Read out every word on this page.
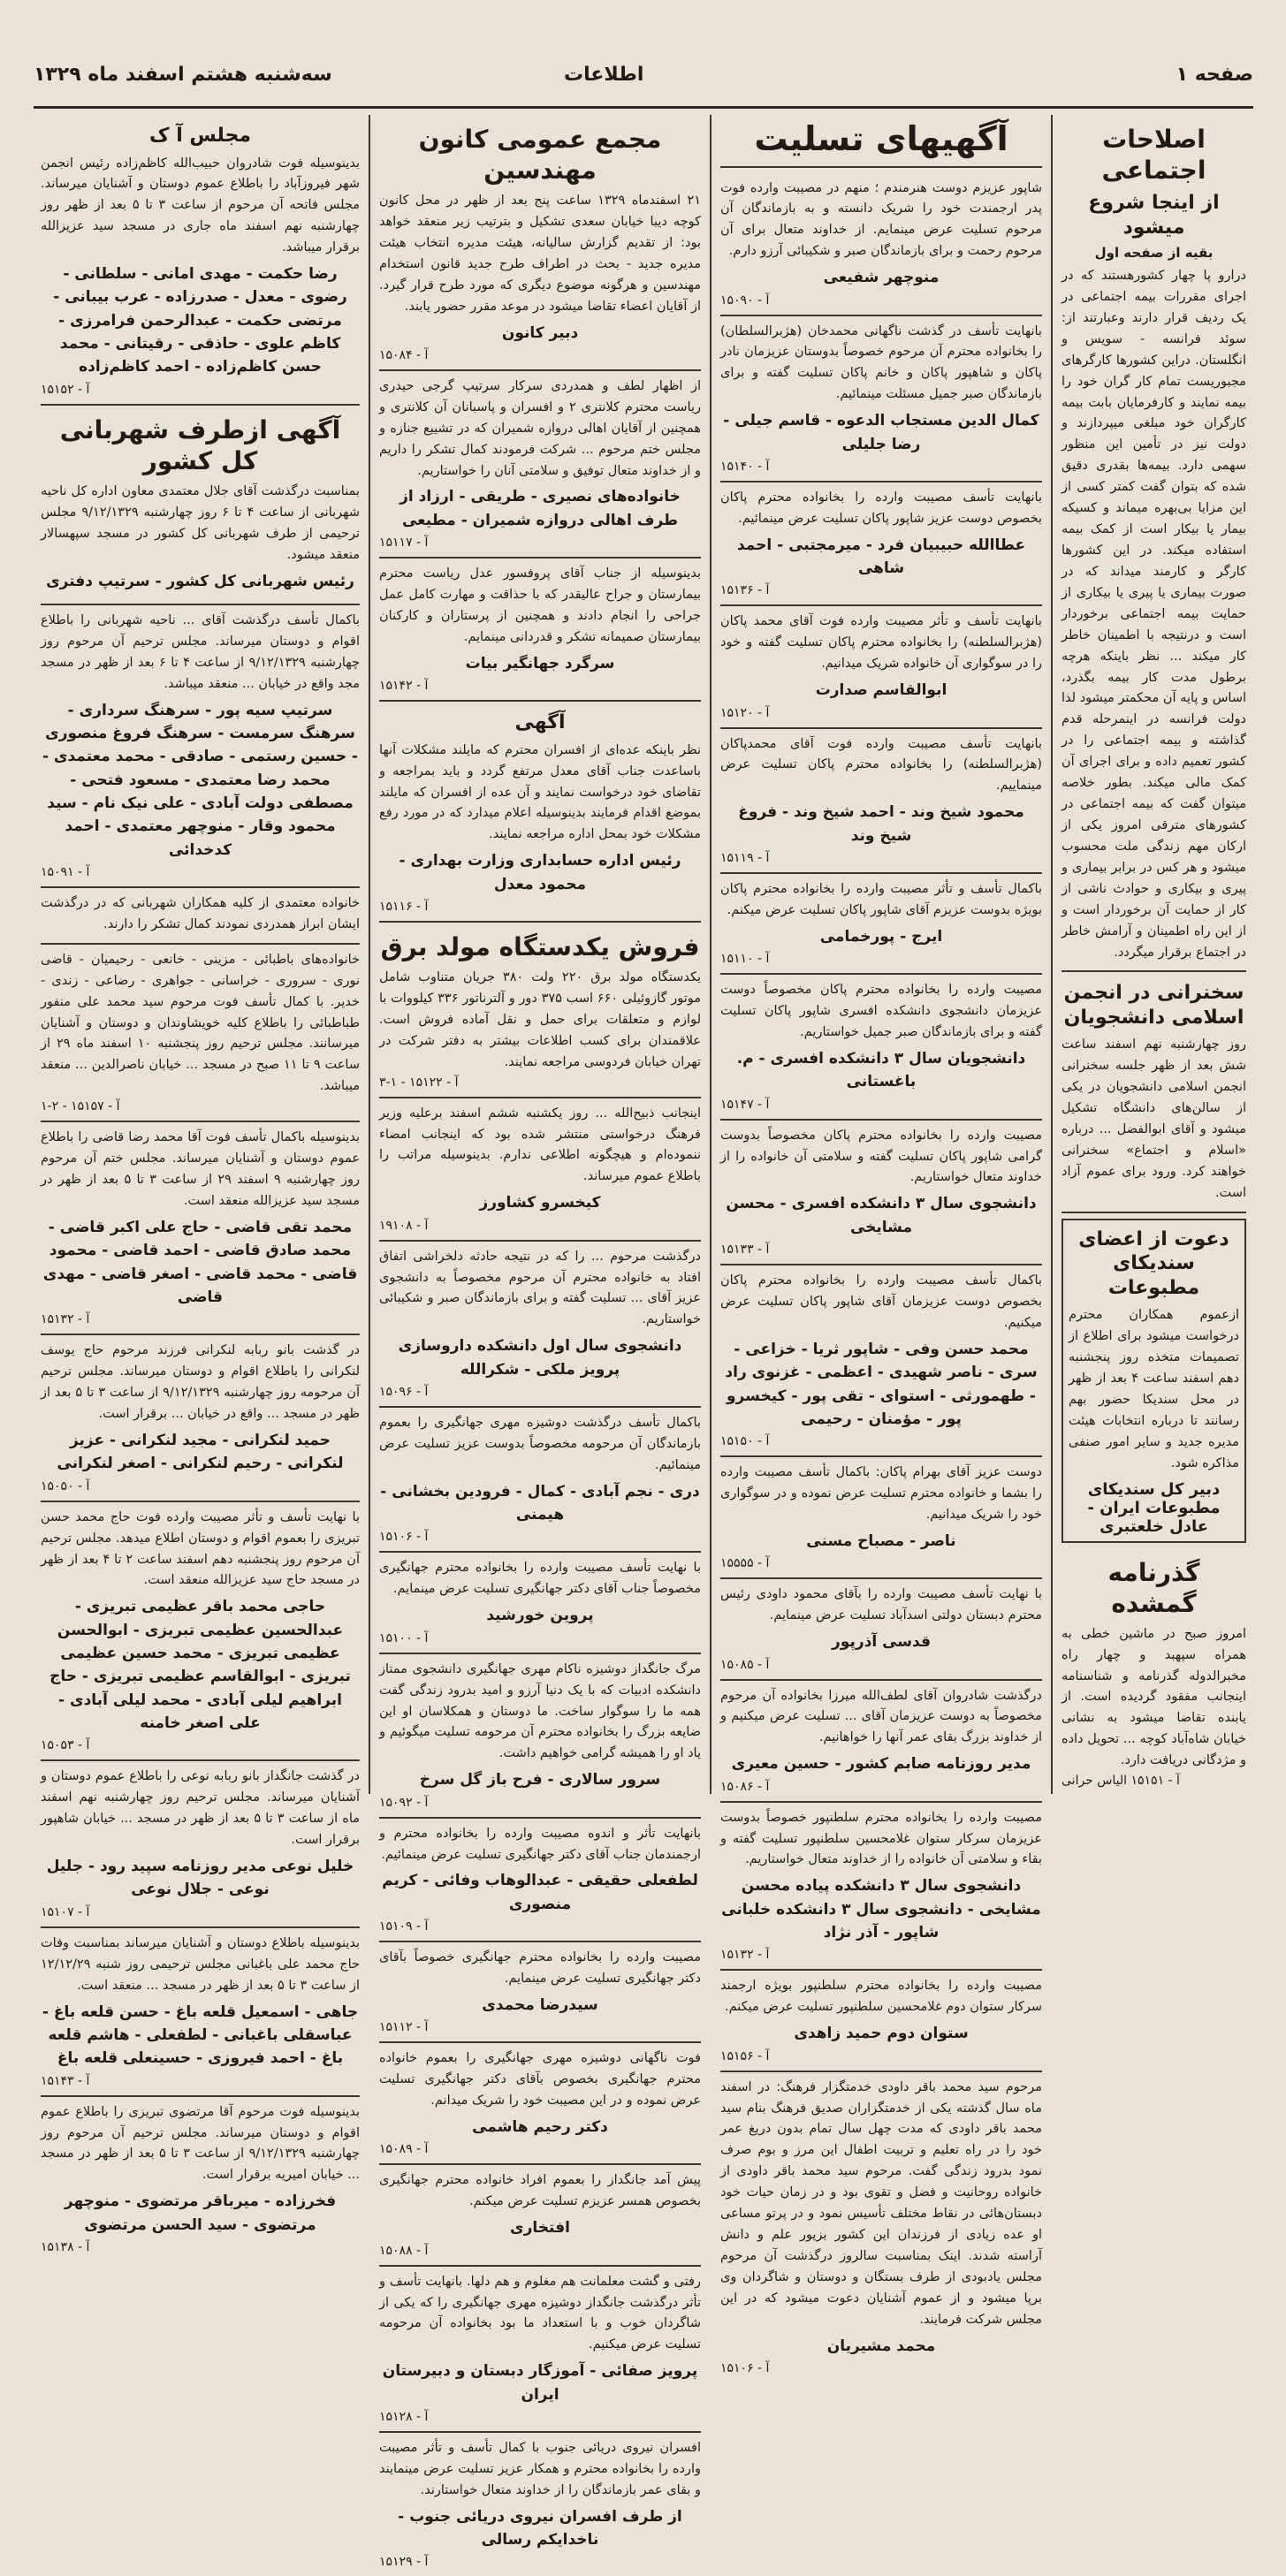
صفحه ۱
اطلاعات
سه‌شنبه هشتم اسفند ماه ۱۳۲۹
اصلاحات اجتماعی
از اینجا شروع میشود
بقیه از صفحه اول

درارو پا چهار کشورهستند که در اجرای مقررات بیمه اجتماعی در یک ردیف قرار دارند وعبارتند از: سوئد فرانسه - سویس و انگلستان. دراین کشورها کارگرهای مجبوریست تمام کار گران خود را بیمه نمایند و کارفرمایان بابت بیمه کارگران خود مبلغی میپردازند و دولت نیز در تأمین این منظور سهمی دارد. بیمه‌ها بقدری دقیق شده که بتوان گفت کمتر کسی از این مزایا بی‌بهره میماند و کسیکه بیمار یا بیکار است از کمک بیمه استفاده میکند. در این کشورها کارگر و کارمند میداند که در صورت بیماری یا پیری یا بیکاری از حمایت بیمه اجتماعی برخوردار است و درنتیجه با اطمینان خاطر کار میکند ... نظر باینکه هرچه برطول مدت کار بیمه بگذرد، اساس و پایه آن محکمتر میشود لذا دولت فرانسه در اینمرحله قدم گذاشته و بیمه اجتماعی را در کشور تعمیم داده و برای اجرای آن کمک مالی میکند. بطور خلاصه میتوان گفت که بیمه اجتماعی در کشورهای مترقی امروز یکی از ارکان مهم زندگی ملت محسوب میشود و هر کس در برابر بیماری و پیری و بیکاری و حوادث ناشی از کار از حمایت آن برخوردار است و از این راه اطمینان و آرامش خاطر در اجتماع برقرار میگردد.

سخنرانی در انجمن اسلامی دانشجویان

روز چهارشنبه نهم اسفند ساعت شش بعد از ظهر جلسه سخنرانی انجمن اسلامی دانشجویان در یکی از سالن‌های دانشگاه تشکیل میشود و آقای ابوالفضل ... درباره «اسلام و اجتماع» سخنرانی خواهند کرد. ورود برای عموم آزاد است.

دعوت از اعضای سندیکای مطبوعات

ازعموم همکاران محترم درخواست میشود برای اطلاع از تصمیمات متخذه روز پنجشنبه دهم اسفند ساعت ۴ بعد از ظهر در محل سندیکا حضور بهم رسانند تا درباره انتخابات هیئت مدیره جدید و سایر امور صنفی مذاکره شود.

دبیر کل سندیکای مطبوعات ایران - عادل خلعتبری
گذرنامه گمشده

امروز صبح در ماشین خطی به همراه سپهبد و چهار راه مخبرالدوله گذرنامه و شناسنامه اینجانب مفقود گردیده است. از یابنده تقاضا میشود به نشانی خیابان شاه‌آباد کوچه ... تحویل داده و مژدگانی دریافت دارد.

آ - ۱۵۱۵۱ الیاس حرانی
آگهیهای تسلیت

شاپور عزیزم دوست هنرمندم ؛ منهم در مصیبت وارده فوت پدر ارجمندت خود را شریک دانسته و به بازماندگان آن مرحوم تسلیت عرض مینمایم. از خداوند متعال برای آن مرحوم رحمت و برای بازماندگان صبر و شکیبائی آرزو دارم.

منوچهر شفیعی
آ - ۱۵۰۹۰

بانهایت تأسف در گذشت ناگهانی محمدخان (هژبرالسلطان) را بخانواده محترم آن مرحوم خصوصاً بدوستان عزیزمان نادر پاکان و شاهپور پاکان و خانم پاکان تسلیت گفته و برای بازماندگان صبر جمیل مسئلت مینمائیم.

کمال الدین مستجاب الدعوه - قاسم جیلی - رضا جلیلی
آ - ۱۵۱۴۰

بانهایت تأسف مصیبت وارده را بخانواده محترم پاکان بخصوص دوست عزیز شاپور پاکان تسلیت عرض مینمائیم.

عطاالله حبیبیان فرد - میرمجتبی - احمد شاهی
آ - ۱۵۱۳۶

بانهایت تأسف و تأثر مصیبت وارده فوت آقای محمد پاکان (هژبرالسلطنه) را بخانواده محترم پاکان تسلیت گفته و خود را در سوگواری آن خانواده شریک میدانیم.

ابوالقاسم صدارت
آ - ۱۵۱۲۰

بانهایت تأسف مصیبت وارده فوت آقای محمدپاکان (هژبرالسلطنه) را بخانواده محترم پاکان تسلیت عرض مینماییم.

محمود شیخ وند - احمد شیخ وند - فروغ شیخ وند
آ - ۱۵۱۱۹

باکمال تأسف و تأثر مصیبت وارده را بخانواده محترم پاکان بویژه بدوست عزیزم آقای شاپور پاکان تسلیت عرض میکنم.

ایرج - پورخمامی
آ - ۱۵۱۱۰

مصیبت وارده را بخانواده محترم پاکان مخصوصاً دوست عزیزمان دانشجوی دانشکده افسری شاپور پاکان تسلیت گفته و برای بازماندگان صبر جمیل خواستاریم.

دانشجویان سال ۳ دانشکده افسری - م. باغستانی
آ - ۱۵۱۴۷

مصیبت وارده را بخانواده محترم پاکان مخصوصاً بدوست گرامی شاپور پاکان تسلیت گفته و سلامتی آن خانواده را از خداوند متعال خواستاریم.

دانشجوی سال ۳ دانشکده افسری - محسن مشایخی
آ - ۱۵۱۳۳

باکمال تأسف مصیبت وارده را بخانواده محترم پاکان بخصوص دوست عزیزمان آقای شاپور پاکان تسلیت عرض میکنیم.

محمد حسن وفی - شاپور ثریا - خزاعی - سری - ناصر شهیدی - اعظمی - غزنوی راد - طهمورثی - استوای - تقی پور - کیخسرو پور - مؤمنان - رحیمی
آ - ۱۵۱۵۰

دوست عزیز آقای بهرام پاکان: باکمال تأسف مصیبت وارده را بشما و خانواده محترم تسلیت عرض نموده و در سوگواری خود را شریک میدانیم.

ناصر - مصباح مسنی
آ - ۱۵۵۵۵

با نهایت تأسف مصیبت وارده را بآقای محمود داودی رئیس محترم دبستان دولتی اسدآباد تسلیت عرض مینمایم.

قدسی آذرپور
آ - ۱۵۰۸۵

درگذشت شادروان آقای لطف‌الله میرزا بخانواده آن مرحوم مخصوصاً به دوست عزیزمان آقای ... تسلیت عرض میکنیم و از خداوند بزرگ بقای عمر آنها را خواهانیم.

مدیر روزنامه صابم کشور - حسین معیری
آ - ۱۵۰۸۶

مصیبت وارده را بخانواده محترم سلطنپور خصوصاً بدوست عزیزمان سرکار ستوان غلامحسین سلطنپور تسلیت گفته و بقاء و سلامتی آن خانواده را از خداوند متعال خواستاریم.

دانشجوی سال ۳ دانشکده پیاده محسن مشایخی - دانشجوی سال ۳ دانشکده خلبانی شاپور - آذر نژاد
آ - ۱۵۱۳۲

مصیبت وارده را بخانواده محترم سلطنپور بویژه ارجمند سرکار ستوان دوم غلامحسین سلطنپور تسلیت عرض میکنم.

ستوان دوم حمید زاهدی
آ - ۱۵۱۵۶

مرحوم سید محمد باقر داودی خدمتگزار فرهنگ: در اسفند ماه سال گذشته یکی از خدمتگزاران صدیق فرهنگ بنام سید محمد باقر داودی که مدت چهل سال تمام بدون دریغ عمر خود را در راه تعلیم و تربیت اطفال این مرز و بوم صرف نمود بدرود زندگی گفت. مرحوم سید محمد باقر داودی از خانواده روحانیت و فضل و تقوی بود و در زمان حیات خود دبستان‌هائی در نقاط مختلف تأسیس نمود و در پرتو مساعی او عده زیادی از فرزندان این کشور بزیور علم و دانش آراسته شدند. اینک بمناسبت سالروز درگذشت آن مرحوم مجلس یادبودی از طرف بستگان و دوستان و شاگردان وی برپا میشود و از عموم آشنایان دعوت میشود که در این مجلس شرکت فرمایند.

محمد مشیریان
آ - ۱۵۱۰۶
مجمع عمومی کانون مهندسین

۲۱ اسفندماه ۱۳۲۹ ساعت پنج بعد از ظهر در محل کانون کوچه دیبا خیابان سعدی تشکیل و بترتیب زیر منعقد خواهد بود: از تقدیم گزارش سالیانه، هیئت مدیره انتخاب هیئت مدیره جدید - بحث در اطراف طرح جدید قانون استخدام مهندسین و هرگونه موضوع دیگری که مورد طرح قرار گیرد. از آقایان اعضاء تقاضا میشود در موعد مقرر حضور یابند.

دبیر کانون
آ - ۱۵۰۸۴

از اظهار لطف و همدردی سرکار سرتیپ گرجی حیدری ریاست محترم کلانتری ۲ و افسران و پاسبانان آن کلانتری و همچنین از آقایان اهالی دروازه شمیران که در تشییع جنازه و مجلس ختم مرحوم ... شرکت فرمودند کمال تشکر را داریم و از خداوند متعال توفیق و سلامتی آنان را خواستاریم.

خانواده‌های نصیری - طریقی - ارزاد از طرف اهالی دروازه شمیران - مطیعی
آ - ۱۵۱۱۷

بدینوسیله از جناب آقای پروفسور عدل ریاست محترم بیمارستان و جراح عالیقدر که با حذاقت و مهارت کامل عمل جراحی را انجام دادند و همچنین از پرستاران و کارکنان بیمارستان صمیمانه تشکر و قدردانی مینمایم.

سرگرد جهانگیر بیات
آ - ۱۵۱۴۲
آگهی

نظر باینکه عده‌ای از افسران محترم که مایلند مشکلات آنها باساعدت جناب آقای معدل مرتفع گردد و باید بمراجعه و تقاضای خود درخواست نمایند و آن عده از افسران که مایلند بموضع اقدام فرمایند بدینوسیله اعلام میدارد که در مورد رفع مشکلات خود بمحل اداره مراجعه نمایند.

رئیس اداره حسابداری وزارت بهداری - محمود معدل
آ - ۱۵۱۱۶
فروش یکدستگاه مولد برق

یکدستگاه مولد برق ۲۲۰ ولت ۳۸۰ جریان متناوب شامل موتور گازوئیلی ۶۶۰ اسب ۳۷۵ دور و آلترناتور ۳۳۶ کیلووات با لوازم و متعلقات برای حمل و نقل آماده فروش است. علاقمندان برای کسب اطلاعات بیشتر به دفتر شرکت در تهران خیابان فردوسی مراجعه نمایند.

آ - ۱۵۱۲۲ - ۱-۳

اینجانب ذبیح‌الله ... روز یکشنبه ششم اسفند برعلیه وزیر فرهنگ درخواستی منتشر شده بود که اینجانب امضاء ننموده‌ام و هیچگونه اطلاعی ندارم. بدینوسیله مراتب را باطلاع عموم میرساند.

کیخسرو کشاورز
آ - ۱۹۱۰۸

درگذشت مرحوم ... را که در نتیجه حادثه دلخراشی اتفاق افتاد به خانواده محترم آن مرحوم مخصوصاً به دانشجوی عزیز آقای ... تسلیت گفته و برای بازماندگان صبر و شکیبائی خواستاریم.

دانشجوی سال اول دانشکده داروسازی پرویز ملکی - شکرالله
آ - ۱۵۰۹۶

باکمال تأسف درگذشت دوشیزه مهری جهانگیری را بعموم بازماندگان آن مرحومه مخصوصاً بدوست عزیز تسلیت عرض مینمائیم.

دری - نجم آبادی - کمال - فرودین بخشانی - هیمنی
آ - ۱۵۱۰۶

با نهایت تأسف مصیبت وارده را بخانواده محترم جهانگیری مخصوصاً جناب آقای دکتر جهانگیری تسلیت عرض مینمایم.

پروین خورشید
آ - ۱۵۱۰۰

مرگ جانگداز دوشیزه ناکام مهری جهانگیری دانشجوی ممتاز دانشکده ادبیات که با یک دنیا آرزو و امید بدرود زندگی گفت همه ما را سوگوار ساخت. ما دوستان و همکلاسان او این ضایعه بزرگ را بخانواده محترم آن مرحومه تسلیت میگوئیم و یاد او را همیشه گرامی خواهیم داشت.

سرور سالاری - فرح باز گل سرخ
آ - ۱۵۰۹۲

بانهایت تأثر و اندوه مصیبت وارده را بخانواده محترم و ارجمندمان جناب آقای دکتر جهانگیری تسلیت عرض مینمائیم.

لطفعلی حقیقی - عبدالوهاب وفائی - کریم منصوری
آ - ۱۵۱۰۹

مصیبت وارده را بخانواده محترم جهانگیری خصوصاً بآقای دکتر جهانگیری تسلیت عرض مینمایم.

سیدرضا محمدی
آ - ۱۵۱۱۲

فوت ناگهانی دوشیزه مهری جهانگیری را بعموم خانواده محترم جهانگیری بخصوص بآقای دکتر جهانگیری تسلیت عرض نموده و در این مصیبت خود را شریک میدانم.

دکتر رحیم هاشمی
آ - ۱۵۰۸۹

پیش آمد جانگداز را بعموم افراد خانواده محترم جهانگیری بخصوص همسر عزیزم تسلیت عرض میکنم.

افتخاری
آ - ۱۵۰۸۸

رفتی و گشت معلمانت هم مغلوم و هم دلها. بانهایت تأسف و تأثر درگذشت جانگداز دوشیزه مهری جهانگیری را که یکی از شاگردان خوب و با استعداد ما بود بخانواده آن مرحومه تسلیت عرض میکنیم.

پرویز صفائی - آموزگار دبستان و دبیرستان ایران
آ - ۱۵۱۲۸

افسران نیروی دریائی جنوب با کمال تأسف و تأثر مصیبت وارده را بخانواده محترم و همکار عزیز تسلیت عرض مینمایند و بقای عمر بازماندگان را از خداوند متعال خواستارند.

از طرف افسران نیروی دریائی جنوب - ناخدایکم رسالی
آ - ۱۵۱۲۹
مجلس آ ک

بدینوسیله فوت شادروان حبیب‌الله کاظم‌زاده رئیس انجمن شهر فیروزآباد را باطلاع عموم دوستان و آشنایان میرساند. مجلس فاتحه آن مرحوم از ساعت ۳ تا ۵ بعد از ظهر روز چهارشنبه نهم اسفند ماه جاری در مسجد سید عزیزالله برقرار میباشد.

رضا حکمت - مهدی امانی - سلطانی - رضوی - معدل - صدرزاده - عرب بیبانی - مرتضی حکمت - عبدالرحمن فرامرزی - کاظم علوی - حاذقی - رقیتانی - محمد حسن کاظم‌زاده - احمد کاظم‌زاده
آ - ۱۵۱۵۲
آگهی ازطرف شهربانی کل کشور

بمناسبت درگذشت آقای جلال معتمدی معاون اداره کل ناحیه شهربانی از ساعت ۴ تا ۶ روز چهارشنبه ۹/۱۲/۱۳۲۹ مجلس ترحیمی از طرف شهربانی کل کشور در مسجد سپهسالار منعقد میشود.

رئیس شهربانی کل کشور - سرتیپ دفتری

باکمال تأسف درگذشت آقای ... ناحیه شهربانی را باطلاع اقوام و دوستان میرساند. مجلس ترحیم آن مرحوم روز چهارشنبه ۹/۱۲/۱۳۲۹ از ساعت ۴ تا ۶ بعد از ظهر در مسجد مجد واقع در خیابان ... منعقد میباشد.

سرتیپ سیه پور - سرهنگ سرداری - سرهنگ سرمست - سرهنگ فروغ منصوری - حسین رستمی - صادقی - محمد معتمدی - محمد رضا معتمدی - مسعود فتحی - مصطفی دولت آبادی - علی نیک نام - سید محمود وقار - منوچهر معتمدی - احمد کدخدائی
آ - ۱۵۰۹۱

خانواده معتمدی از کلیه همکاران شهربانی که در درگذشت ایشان ابراز همدردی نمودند کمال تشکر را دارند.

خانواده‌های باطبائی - مزینی - خانعی - رحیمیان - قاضی نوری - سروری - خراسانی - جواهری - رضاعی - زندی - خدیر. با کمال تأسف فوت مرحوم سید محمد علی منفور طباطبائی را باطلاع کلیه خویشاوندان و دوستان و آشنایان میرسانند. مجلس ترحیم روز پنجشنبه ۱۰ اسفند ماه ۲۹ از ساعت ۹ تا ۱۱ صبح در مسجد ... خیابان ناصرالدین ... منعقد میباشد.

آ - ۱۵۱۵۷ - ۲-۱

بدینوسیله باکمال تأسف فوت آقا محمد رضا قاضی را باطلاع عموم دوستان و آشنایان میرساند. مجلس ختم آن مرحوم روز چهارشنبه ۹ اسفند ۲۹ از ساعت ۳ تا ۵ بعد از ظهر در مسجد سید عزیزالله منعقد است.

محمد تقی قاضی - حاج علی اکبر قاضی - محمد صادق قاضی - احمد قاضی - محمود قاضی - محمد قاضی - اصغر قاضی - مهدی قاضی
آ - ۱۵۱۳۲

در گذشت بانو ربابه لنکرانی فرزند مرحوم حاج یوسف لنکرانی را باطلاع اقوام و دوستان میرساند. مجلس ترحیم آن مرحومه روز چهارشنبه ۹/۱۲/۱۳۲۹ از ساعت ۳ تا ۵ بعد از ظهر در مسجد ... واقع در خیابان ... برقرار است.

حمید لنکرانی - مجید لنکرانی - عزیز لنکرانی - رحیم لنکرانی - اصغر لنکرانی
آ - ۱۵۰۵۰

با نهایت تأسف و تأثر مصیبت وارده فوت حاج محمد حسن تبریزی را بعموم اقوام و دوستان اطلاع میدهد. مجلس ترحیم آن مرحوم روز پنجشنبه دهم اسفند ساعت ۲ تا ۴ بعد از ظهر در مسجد حاج سید عزیزالله منعقد است.

حاجی محمد باقر عظیمی تبریزی - عبدالحسین عظیمی تبریزی - ابوالحسن عظیمی تبریزی - محمد حسین عظیمی تبریزی - ابوالقاسم عظیمی تبریزی - حاج ابراهیم لیلی آبادی - محمد لیلی آبادی - علی اصغر خامنه
آ - ۱۵۰۵۳

در گذشت جانگداز بانو ربابه نوعی را باطلاع عموم دوستان و آشنایان میرساند. مجلس ترحیم روز چهارشنبه نهم اسفند ماه از ساعت ۳ تا ۵ بعد از ظهر در مسجد ... خیابان شاهپور برقرار است.

خلیل نوعی مدیر روزنامه سپید رود - جلیل نوعی - جلال نوعی
آ - ۱۵۱۰۷

بدینوسیله باطلاع دوستان و آشنایان میرساند بمناسبت وفات حاج محمد علی باغبانی مجلس ترحیمی روز شنبه ۱۲/۱۲/۲۹ از ساعت ۳ تا ۵ بعد از ظهر در مسجد ... منعقد است.

جاهی - اسمعیل قلعه باغ - حسن قلعه باغ - عباسقلی باغبانی - لطفعلی - هاشم قلعه باغ - احمد فیروزی - حسینعلی قلعه باغ
آ - ۱۵۱۴۳

بدینوسیله فوت مرحوم آقا مرتضوی تبریزی را باطلاع عموم اقوام و دوستان میرساند. مجلس ترحیم آن مرحوم روز چهارشنبه ۹/۱۲/۱۳۲۹ از ساعت ۳ تا ۵ بعد از ظهر در مسجد ... خیابان امیریه برقرار است.

فخرزاده - میرباقر مرتضوی - منوچهر مرتضوی - سید الحسن مرتضوی
آ - ۱۵۱۳۸
